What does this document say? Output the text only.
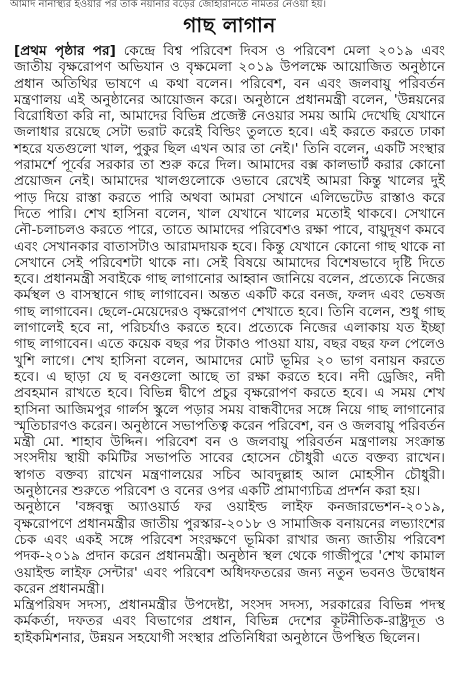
আমাদ নানাস্থ্যর হওয়ার পর তাক নয়ানার বড়ের জোহারানতে নামতর নেওয়া হয়।
গাছ লাগান

[প্রথম পৃষ্ঠার পর] কেন্দ্রে বিশ্ব পরিবেশ দিবস ও পরিবেশ মেলা ২০১৯ এবং জাতীয় বৃক্ষরোপণ অভিযান ও বৃক্ষমেলা ২০১৯ উপলক্ষে আয়োজিত অনুষ্ঠানে প্রধান অতিথির ভাষণে এ কথা বলেন। পরিবেশ, বন এবং জলবায়ু পরিবর্তন মন্ত্রণালয় এই অনুষ্ঠানের আয়োজন করে। অনুষ্ঠানে প্রধানমন্ত্রী বলেন, 'উন্নয়নের বিরোধিতা করি না, আমাদের বিভিন্ন প্রজেক্ট নেওয়ার সময় আমি দেখেছি যেখানে জলাধার রয়েছে সেটা ভরাট করেই বিল্ডিং তুলতে হবে। এই করতে করতে ঢাকা শহরে যতগুলো খাল, পুকুর ছিল এখন আর তা নেই।' তিনি বলেন, একটি সংস্থার পরামর্শে পূর্বের সরকার তা শুরু করে দিল। আমাদের বক্স কালভার্ট করার কোনো প্রয়োজন নেই। আমাদের খালগুলোকে ওভাবে রেখেই আমরা কিন্তু খালের দুই পাড় দিয়ে রাস্তা করতে পারি অথবা আমরা সেখানে এলিভেটেড রাস্তাও করে দিতে পারি। শেখ হাসিনা বলেন, খাল যেখানে খালের মতোই থাকবে। সেখানে নৌ-চলাচলও করতে পারে, তাতে আমাদের পরিবেশও রক্ষা পাবে, বায়ুদূষণ কমবে এবং সেখানকার বাতাসটাও আরামদায়ক হবে। কিন্তু যেখানে কোনো গাছ থাকে না সেখানে সেই পরিবেশটা থাকে না। সেই বিষয়ে আমাদের বিশেষভাবে দৃষ্টি দিতে হবে। প্রধানমন্ত্রী সবাইকে গাছ লাগানোর আহ্বান জানিয়ে বলেন, প্রত্যেকে নিজের কর্মস্থল ও বাসস্থানে গাছ লাগাবেন। অন্তত একটি করে বনজ, ফলদ এবং ভেষজ গাছ লাগাবেন। ছেলে-মেয়েদেরও বৃক্ষরোপণ শেখাতে হবে। তিনি বলেন, শুধু গাছ লাগালেই হবে না, পরিচর্যাও করতে হবে। প্রত্যেকে নিজের এলাকায় যত ইচ্ছা গাছ লাগাবেন। এতে কয়েক বছর পর টাকাও পাওয়া যায়, বছর বছর ফল পেলেও খুশি লাগে। শেখ হাসিনা বলেন, আমাদের মোট ভূমির ২০ ভাগ বনায়ন করতে হবে। এ ছাড়া যে ছ বনগুলো আছে তা রক্ষা করতে হবে। নদী ড্রেজিং, নদী প্রবহমান রাখতে হবে। বিভিন্ন দ্বীপে প্রচুর বৃক্ষরোপণ করতে হবে। এ সময় শেখ হাসিনা আজিমপুর গার্লস স্কুলে পড়ার সময় বান্ধবীদের সঙ্গে নিয়ে গাছ লাগানোর স্মৃতিচারণও করেন। অনুষ্ঠানে সভাপতিত্ব করেন পরিবেশ, বন ও জলবায়ু পরিবর্তন মন্ত্রী মো. শাহাব উদ্দিন। পরিবেশ বন ও জলবায়ু পরিবর্তন মন্ত্রণালয় সংক্রান্ত সংসদীয় স্থায়ী কমিটির সভাপতি সাবের হোসেন চৌধুরী এতে বক্তব্য রাখেন। স্বাগত বক্তব্য রাখেন মন্ত্রণালয়ের সচিব আবদুল্লাহ আল মোহসীন চৌধুরী। অনুষ্ঠানের শুরুতে পরিবেশ ও বনের ওপর একটি প্রামাণ্যচিত্র প্রদর্শন করা হয়।

অনুষ্ঠানে 'বঙ্গবন্ধু অ্যাওয়ার্ড ফর ওয়াইল্ড লাইফ কনজারভেশন-২০১৯, বৃক্ষরোপণে প্রধানমন্ত্রীর জাতীয় পুরস্কার-২০১৮ ও সামাজিক বনায়নের লভ্যাংশের চেক এবং একই সঙ্গে পরিবেশ সংরক্ষণে ভূমিকা রাখার জন্য জাতীয় পরিবেশ পদক-২০১৯ প্রদান করেন প্রধানমন্ত্রী। অনুষ্ঠান স্থল থেকে গাজীপুরে 'শেখ কামাল ওয়াইল্ড লাইফ সেন্টার' এবং পরিবেশ অধিদফতরের জন্য নতুন ভবনও উদ্বোধন করেন প্রধানমন্ত্রী।

মন্ত্রিপরিষদ সদস্য, প্রধানমন্ত্রীর উপদেষ্টা, সংসদ সদস্য, সরকারের বিভিন্ন পদস্থ কর্মকর্তা, দফতর এবং বিভাগের প্রধান, বিভিন্ন দেশের কূটনীতিক-রাষ্ট্রদূত ও হাইকমিশনার, উন্নয়ন সহযোগী সংস্থার প্রতিনিধিরা অনুষ্ঠানে উপস্থিত ছিলেন।
